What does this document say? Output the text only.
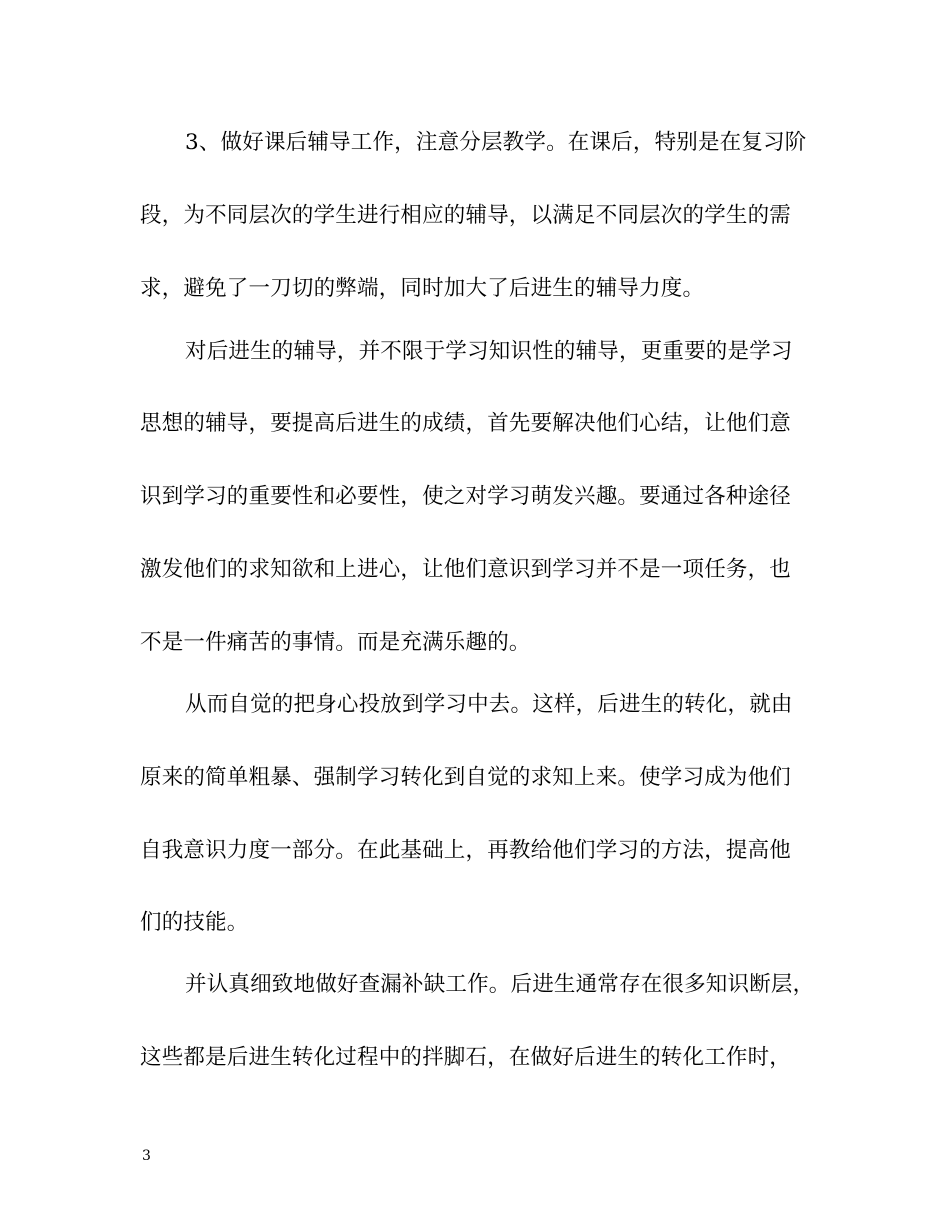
3、做好课后辅导工作，注意分层教学。在课后，特别是在复习阶
段，为不同层次的学生进行相应的辅导，以满足不同层次的学生的需
求，避免了一刀切的弊端，同时加大了后进生的辅导力度。
对后进生的辅导，并不限于学习知识性的辅导，更重要的是学习
思想的辅导，要提高后进生的成绩，首先要解决他们心结，让他们意
识到学习的重要性和必要性，使之对学习萌发兴趣。要通过各种途径
激发他们的求知欲和上进心，让他们意识到学习并不是一项任务，也
不是一件痛苦的事情。而是充满乐趣的。
从而自觉的把身心投放到学习中去。这样，后进生的转化，就由
原来的简单粗暴、强制学习转化到自觉的求知上来。使学习成为他们
自我意识力度一部分。在此基础上，再教给他们学习的方法，提高他
们的技能。
并认真细致地做好查漏补缺工作。后进生通常存在很多知识断层，
这些都是后进生转化过程中的拌脚石，在做好后进生的转化工作时，
3
